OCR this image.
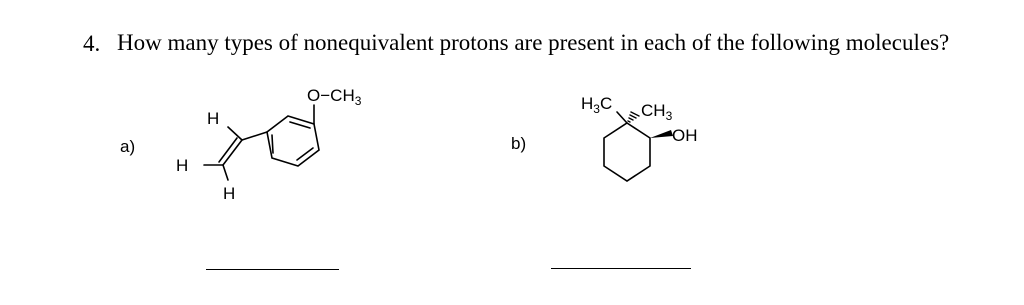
4. How many types of nonequivalent protons are present in each of the following molecules?
a)
$O-CH_3$
H
H
H
b)
$H_3C$ $CH_3$
OH
